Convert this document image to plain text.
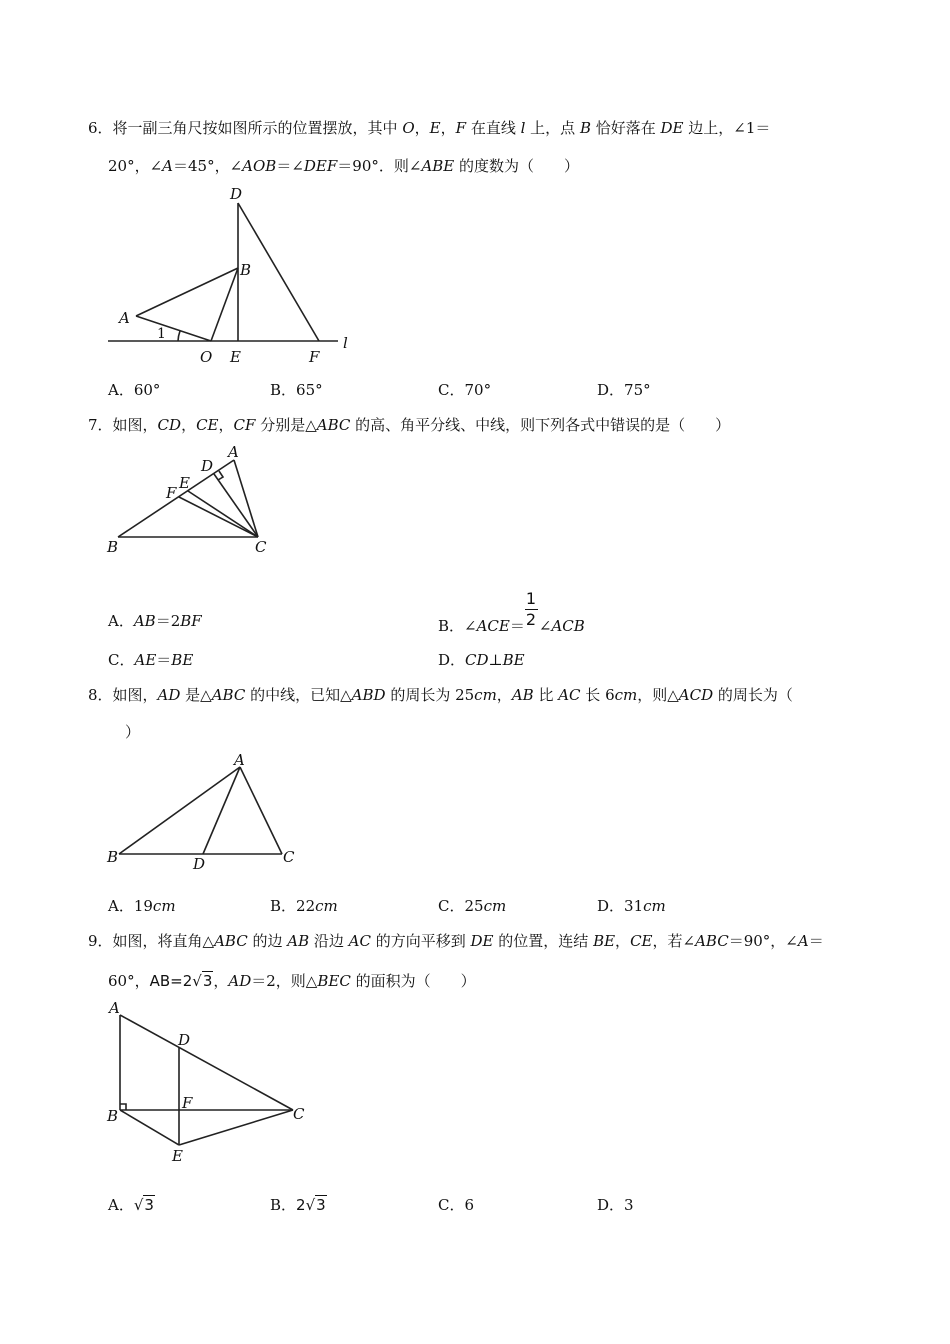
6．将一副三角尺按如图所示的位置摆放，其中 O，E，F 在直线 l 上，点 B 恰好落在 DE 边上，∠1＝
20°，∠A＝45°，∠AOB＝∠DEF＝90°．则∠ABE 的度数为（　　）
D
B
A
1
O E	F
l
A．60°	B．65°	C．70°	D．75°
7．如图，CD，CE，CF 分别是△ABC 的高、角平分线、中线，则下列各式中错误的是（　　）
A
D
E
F
B	C
A．AB＝2BF	B．∠ACE＝ $\frac{1}{2}$ ∠ACB
C．AE＝BE	D．CD⊥BE
8．如图，AD 是△ABC 的中线，已知△ABD 的周长为 25cm，AB 比 AC 长 6cm，则△ACD 的周长为（
）
A
B	D	C
A．19cm	B．22cm	C．25cm	D．31cm
9．如图，将直角△ABC 的边 AB 沿边 AC 的方向平移到 DE 的位置，连结 BE，CE，若∠ABC＝90°，∠A＝
60°，AB=2√3，AD＝2，则△BEC 的面积为（　　）
A
D
B
F
C
E
A．√3	B．2√3	C．6	D．3
